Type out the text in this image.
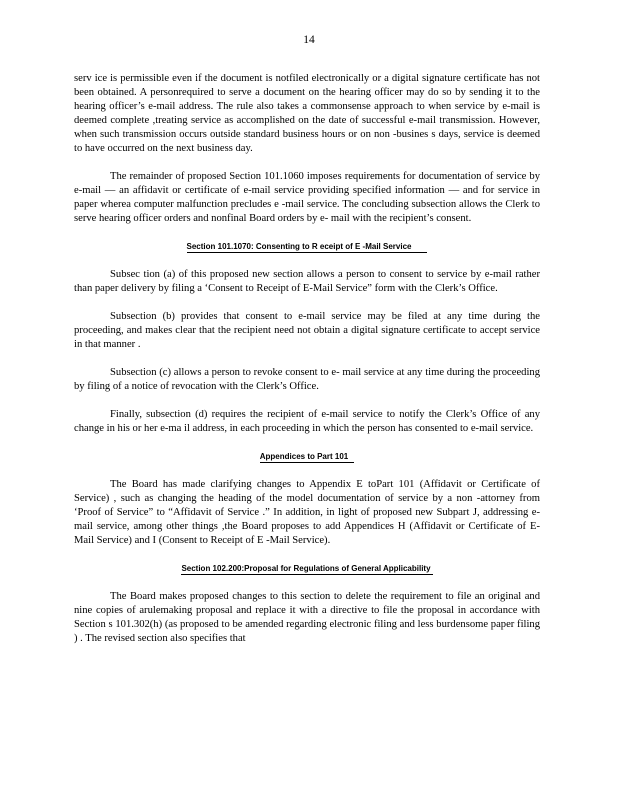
14

serv ice is permissible even if the document is notfiled electronically or a digital signature certificate has not been obtained. A personrequired to serve a document on the hearing officer may do so by sending it to the hearing officer’s e-mail address. The rule also takes a commonsense approach to when service by e-mail is deemed complete ,treating service as accomplished on the date of successful e-mail transmission. However, when such transmission occurs outside standard business hours or on non -busines s days, service is deemed to have occurred on the next business day.

The remainder of proposed Section 101.1060 imposes requirements for documentation of service by e-mail — an affidavit or certificate of e-mail service providing specified information — and for service in paper wherea computer malfunction precludes e -mail service. The concluding subsection allows the Clerk to serve hearing officer orders and nonfinal Board orders by e- mail with the recipient’s consent.

Section 101.1070: Consenting to R eceipt of E -Mail Service

Subsec tion (a) of this proposed new section allows a person to consent to service by e-mail rather than paper delivery by filing a ‘Consent to Receipt of E-Mail Service” form with the Clerk’s Office.

Subsection (b) provides that consent to e-mail service may be filed at any time during the proceeding, and makes clear that the recipient need not obtain a digital signature certificate to accept service in that manner .

Subsection (c) allows a person to revoke consent to e- mail service at any time during the proceeding by filing of a notice of revocation with the Clerk’s Office.

Finally, subsection (d) requires the recipient of e-mail service to notify the Clerk’s Office of any change in his or her e-ma il address, in each proceeding in which the person has consented to e-mail service.

Appendices to Part 101

The Board has made clarifying changes to Appendix E toPart 101 (Affidavit or Certificate of Service) , such as changing the heading of the model documentation of service by a non -attorney from ‘Proof of Service” to “Affidavit of Service .” In addition, in light of proposed new Subpart J, addressing e-mail service, among other things ,the Board proposes to add Appendices H (Affidavit or Certificate of E- Mail Service) and I (Consent to Receipt of E -Mail Service).

Section 102.200:Proposal for Regulations of General Applicability

The Board makes proposed changes to this section to delete the requirement to file an original and nine copies of arulemaking proposal and replace it with a directive to file the proposal in accordance with Section s 101.302(h) (as proposed to be amended regarding electronic filing and less burdensome paper filing ) . The revised section also specifies that
